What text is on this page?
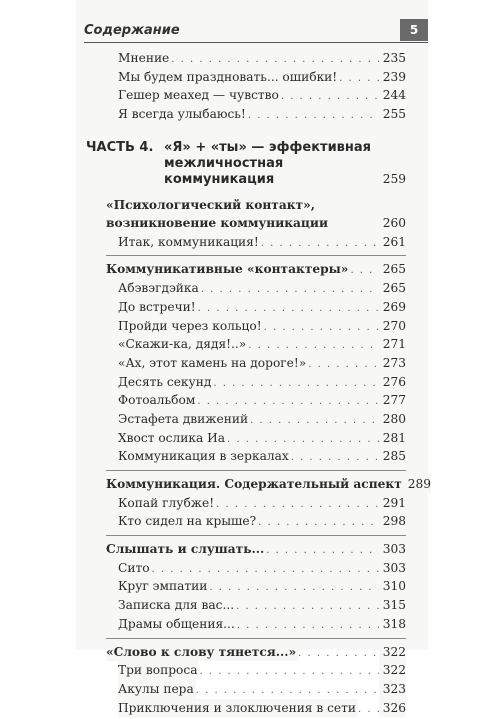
Содержание	5
Мнение . . .	235
Мы будем праздновать... ошибки! . . .	239
Гешер меахед — чувство . . .	244
Я всегда улыбаюсь! . . .	255
ЧАСТЬ 4. «Я» + «ты» — эффективная
межличностная
коммуникация	259
«Психологический контакт»,
возникновение коммуникации	260
Итак, коммуникация! . . .	261
Коммуникативные «контактеры» . . .	265
Абэвэгдэйка . . .	265
До встречи! . . .	269
Пройди через кольцо! . . .	270
«Скажи-ка, дядя!..» . . .	271
«Ах, этот камень на дороге!» . . .	273
Десять секунд . . .	276
Фотоальбом . . .	277
Эстафета движений . . .	280
Хвост ослика Иа . . .	281
Коммуникация в зеркалах . . .	285
Коммуникация. Содержательный аспект 289
Копай глубже! . . .	291
Кто сидел на крыше? . . .	298
Слышать и слушать... . . .	303
Сито . . .	303
Круг эмпатии . . .	310
Записка для вас... . . .	315
Драмы общения... . . .	318
«Слово к слову тянется...» . . .	322
Три вопроса . . .	322
Акулы пера . . .	323
Приключения и злоключения в сети . . .	326
